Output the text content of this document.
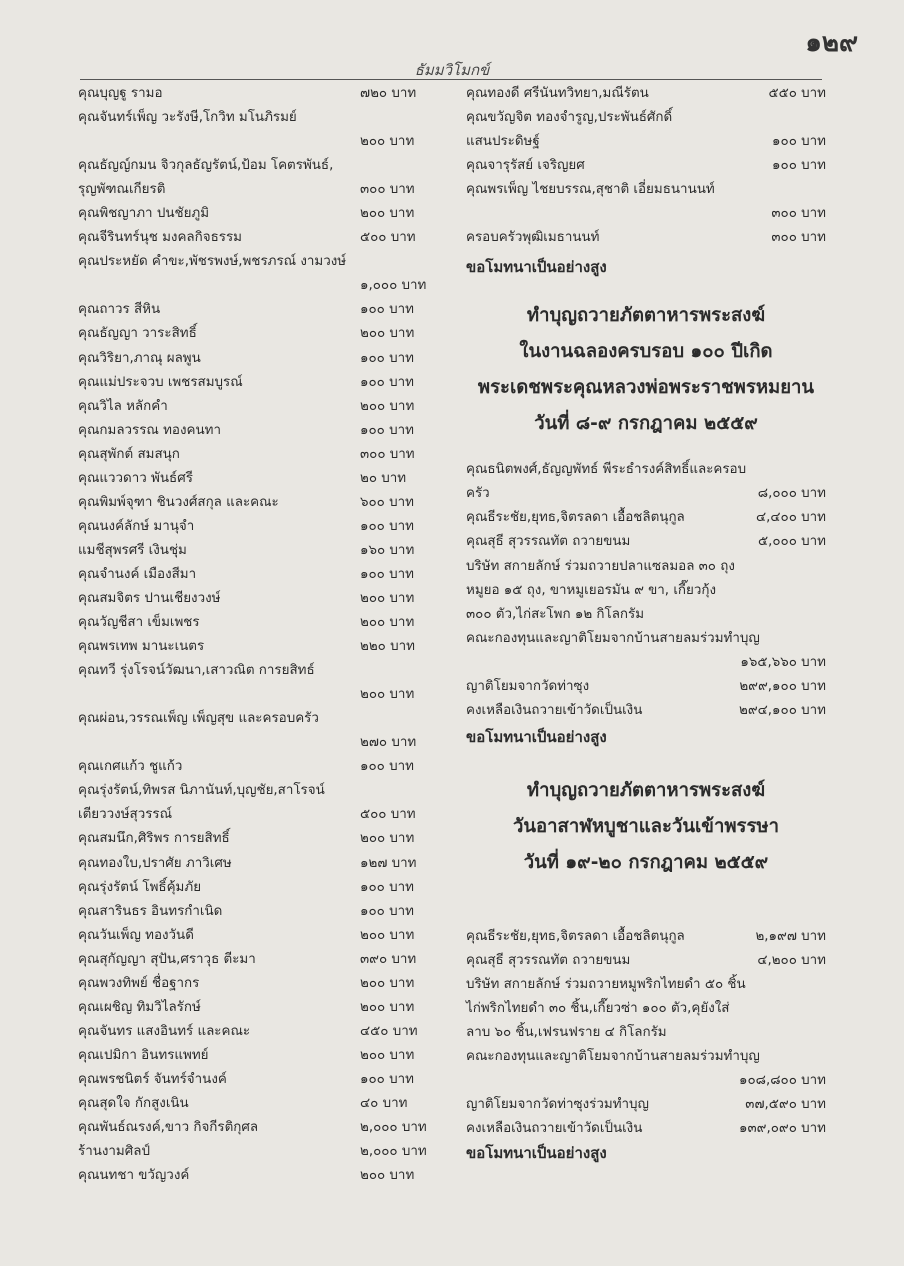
๑๒๙
ธัมมวิโมกข์
คุณบุญฐู รามอ	๗๒๐ บาท
คุณจันทร์เพ็ญ วะรังษี,โกวิท มโนภิรมย์
๒๐๐ บาท
คุณธัญญ์กมน จิวกุลธัญรัตน์,ป้อม โคตรพันธ์,
รุญพัฑณเกียรติ	๓๐๐ บาท
คุณพิชญาภา ปนชัยภูมิ	๒๐๐ บาท
คุณจีรินทร์นุช มงคลกิจธรรม	๕๐๐ บาท
คุณประหยัด คำขะ,พัชรพงษ์,พชรภรณ์ งามวงษ์
๑,๐๐๐ บาท
คุณถาวร สีหิน	๑๐๐ บาท
คุณธัญญา วาระสิทธิ์	๒๐๐ บาท
คุณวิริยา,ภาณุ ผลพูน	๑๐๐ บาท
คุณแม่ประจวบ เพชรสมบูรณ์	๑๐๐ บาท
คุณวิไล หลักคำ	๒๐๐ บาท
คุณกมลวรรณ ทองคนทา	๑๐๐ บาท
คุณสุพักต์ สมสนุก	๓๐๐ บาท
คุณแววดาว พันธ์ศรี	๒๐ บาท
คุณพิมพ์จุฑา ชินวงศ์สกุล และคณะ	๖๐๐ บาท
คุณนงค์ลักษ์ มานุจำ	๑๐๐ บาท
แมชีสุพรศรี เงินชุ่ม	๑๖๐ บาท
คุณจำนงค์ เมืองสีมา	๑๐๐ บาท
คุณสมจิตร ปานเชียงวงษ์	๒๐๐ บาท
คุณวัญชีสา เข็มเพชร	๒๐๐ บาท
คุณพรเทพ มานะเนตร	๒๒๐ บาท
คุณทวี รุ่งโรจน์วัฒนา,เสาวณิต การยสิทธ์
๒๐๐ บาท
คุณผ่อน,วรรณเพ็ญ เพ็ญสุข และครอบครัว
๒๗๐ บาท
คุณเกศแก้ว ชูแก้ว	๑๐๐ บาท
คุณรุ่งรัตน์,ทิพรส นิภานันท์,บุญชัย,สาโรจน์
เตียววงษ์สุวรรณ์	๕๐๐ บาท
คุณสมนึก,ศิริพร การยสิทธิ์	๒๐๐ บาท
คุณทองใบ,ปราศัย ภาวิเศษ	๑๒๗ บาท
คุณรุ่งรัตน์ โพธิ์คุ้มภัย	๑๐๐ บาท
คุณสารินธร อินทรกำเนิด	๑๐๐ บาท
คุณวันเพ็ญ ทองวันดี	๒๐๐ บาท
คุณสุกัญญา สุปัน,ศราวุธ ตีะมา	๓๙๐ บาท
คุณพวงทิพย์ ชื่อฐากร	๒๐๐ บาท
คุณเผชิญ ทิมวิไลรักษ์	๒๐๐ บาท
คุณจันทร แสงอินทร์ และคณะ	๔๕๐ บาท
คุณเปมิกา อินทรแพทย์	๒๐๐ บาท
คุณพรชนิตร์ จันทร์จำนงค์	๑๐๐ บาท
คุณสุดใจ กักสูงเนิน	๔๐ บาท
คุณพันธ์ณรงค์,ขาว กิจกีรติกุศล	๒,๐๐๐ บาท
ร้านงามศิลป์	๒,๐๐๐ บาท
คุณนทชา ขวัญวงค์	๒๐๐ บาท
คุณทองดี ศรีนันทวิทยา,มณีรัตน	๕๕๐ บาท
คุณขวัญจิต ทองจำรูญ,ประพันธ์ศักดิ์
แสนประดิษฐ์	๑๐๐ บาท
คุณจารุรัสย์ เจริญยศ	๑๐๐ บาท
คุณพรเพ็ญ ไชยบรรณ,สุชาติ เอี่ยมธนานนท์
๓๐๐ บาท
ครอบครัวพุฒิเมธานนท์	๓๐๐ บาท
ขอโมทนาเป็นอย่างสูง
ทำบุญถวายภัตตาหารพระสงฆ์
ในงานฉลองครบรอบ ๑๐๐ ปีเกิด
พระเดชพระคุณหลวงพ่อพระราชพรหมยาน
วันที่ ๘-๙ กรกฎาคม ๒๕๕๙
คุณธนิตพงศ์,ธัญญพัทธ์ พีระธำรงค์สิทธิ์และครอบ
ครัว	๘,๐๐๐ บาท
คุณธีระชัย,ยุทธ,จิตรลดา เอื้อชลิตนุกูล	๔,๔๐๐ บาท
คุณสุธี สุวรรณทัต ถวายขนม	๕,๐๐๐ บาท
บริษัท สกายลักษ์ ร่วมถวายปลาแซลมอล ๓๐ ถุง
หมูยอ ๑๕ ถุง, ขาหมูเยอรมัน ๙ ขา, เกี๊ยวกุ้ง
๓๐๐ ตัว,ไก่สะโพก ๑๒ กิโลกรัม
คณะกองทุนและญาติโยมจากบ้านสายลมร่วมทำบุญ
๑๖๕,๖๖๐ บาท
ญาติโยมจากวัดท่าซุง	๒๙๙,๑๐๐ บาท
คงเหลือเงินถวายเข้าวัดเป็นเงิน	๒๙๔,๑๐๐ บาท
ขอโมทนาเป็นอย่างสูง
ทำบุญถวายภัตตาหารพระสงฆ์
วันอาสาฬหบูชาและวันเข้าพรรษา
วันที่ ๑๙-๒๐ กรกฎาคม ๒๕๕๙
คุณธีระชัย,ยุทธ,จิตรลดา เอื้อชลิตนุกูล	๒,๑๙๗ บาท
คุณสุธี สุวรรณทัต ถวายขนม	๔,๒๐๐ บาท
บริษัท สกายลักษ์ ร่วมถวายหมูพริกไทยดำ ๕๐ ชิ้น
ไก่พริกไทยดำ ๓๐ ชิ้น,เกี๊ยวซ่า ๑๐๐ ตัว,คุยังใส่
ลาบ ๖๐ ชิ้น,เฟรนฟราย ๔ กิโลกรัม
คณะกองทุนและญาติโยมจากบ้านสายลมร่วมทำบุญ
๑๐๘,๘๐๐ บาท
ญาติโยมจากวัดท่าซุงร่วมทำบุญ	๓๗,๕๙๐ บาท
คงเหลือเงินถวายเข้าวัดเป็นเงิน	๑๓๙,๐๙๐ บาท
ขอโมทนาเป็นอย่างสูง
